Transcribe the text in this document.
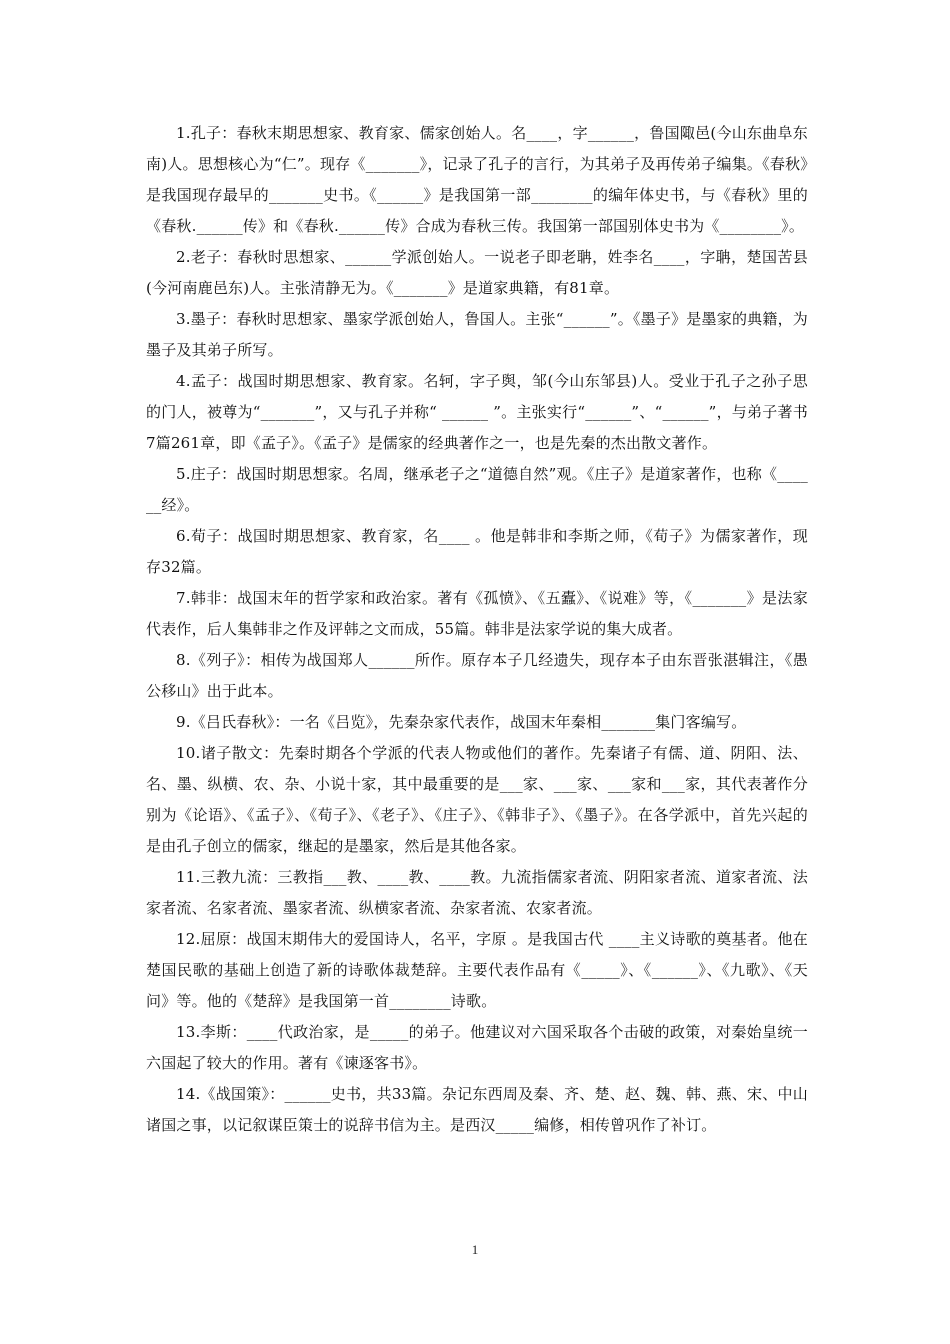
1.孔子：春秋末期思想家、教育家、儒家创始人。名____，字______，鲁国陬邑(今山东曲阜东南)人。思想核心为“仁”。现存《_______》，记录了孔子的言行，为其弟子及再传弟子编集。《春秋》是我国现存最早的_______史书。《______》是我国第一部________的编年体史书，与《春秋》里的《春秋.______传》和《春秋.______传》合成为春秋三传。我国第一部国别体史书为《________》。

2.老子：春秋时思想家、______学派创始人。一说老子即老聃，姓李名____，字聃，楚国苦县(今河南鹿邑东)人。主张清静无为。《_______》是道家典籍，有81章。

3.墨子：春秋时思想家、墨家学派创始人，鲁国人。主张“______”。《墨子》是墨家的典籍，为墨子及其弟子所写。

4.孟子：战国时期思想家、教育家。名轲，字子舆，邹(今山东邹县)人。受业于孔子之孙子思的门人，被尊为“_______”，又与孔子并称“ ______ ”。主张实行“______”、“______”，与弟子著书7篇261章，即《孟子》。《孟子》是儒家的经典著作之一，也是先秦的杰出散文著作。

5.庄子：战国时期思想家。名周，继承老子之“道德自然”观。《庄子》是道家著作，也称《______经》。

6.荀子：战国时期思想家、教育家，名____ 。他是韩非和李斯之师，《荀子》为儒家著作，现存32篇。

7.韩非：战国末年的哲学家和政治家。著有《孤愤》、《五蠹》、《说难》等，《_______》是法家代表作，后人集韩非之作及评韩之文而成，55篇。韩非是法家学说的集大成者。

8.《列子》：相传为战国郑人______所作。原存本子几经遗失，现存本子由东晋张湛辑注，《愚公移山》出于此本。

9.《吕氏春秋》：一名《吕览》，先秦杂家代表作，战国末年秦相_______集门客编写。

10.诸子散文：先秦时期各个学派的代表人物或他们的著作。先秦诸子有儒、道、阴阳、法、名、墨、纵横、农、杂、小说十家，其中最重要的是___家、___家、___家和___家，其代表著作分别为《论语》、《孟子》、《荀子》、《老子》、《庄子》、《韩非子》、《墨子》。在各学派中，首先兴起的是由孔子创立的儒家，继起的是墨家，然后是其他各家。

11.三教九流：三教指___教、____教、____教。九流指儒家者流、阴阳家者流、道家者流、法家者流、名家者流、墨家者流、纵横家者流、杂家者流、农家者流。

12.屈原：战国末期伟大的爱国诗人，名平，字原 。是我国古代 ____主义诗歌的奠基者。他在楚国民歌的基础上创造了新的诗歌体裁楚辞。主要代表作品有《_____》、《______》、《九歌》、《天问》等。他的《楚辞》是我国第一首________诗歌。

13.李斯：____代政治家，是_____的弟子。他建议对六国采取各个击破的政策，对秦始皇统一六国起了较大的作用。著有《谏逐客书》。

14.《战国策》：______史书，共33篇。杂记东西周及秦、齐、楚、赵、魏、韩、燕、宋、中山诸国之事，以记叙谋臣策士的说辞书信为主。是西汉_____编修，相传曾巩作了补订。

1
